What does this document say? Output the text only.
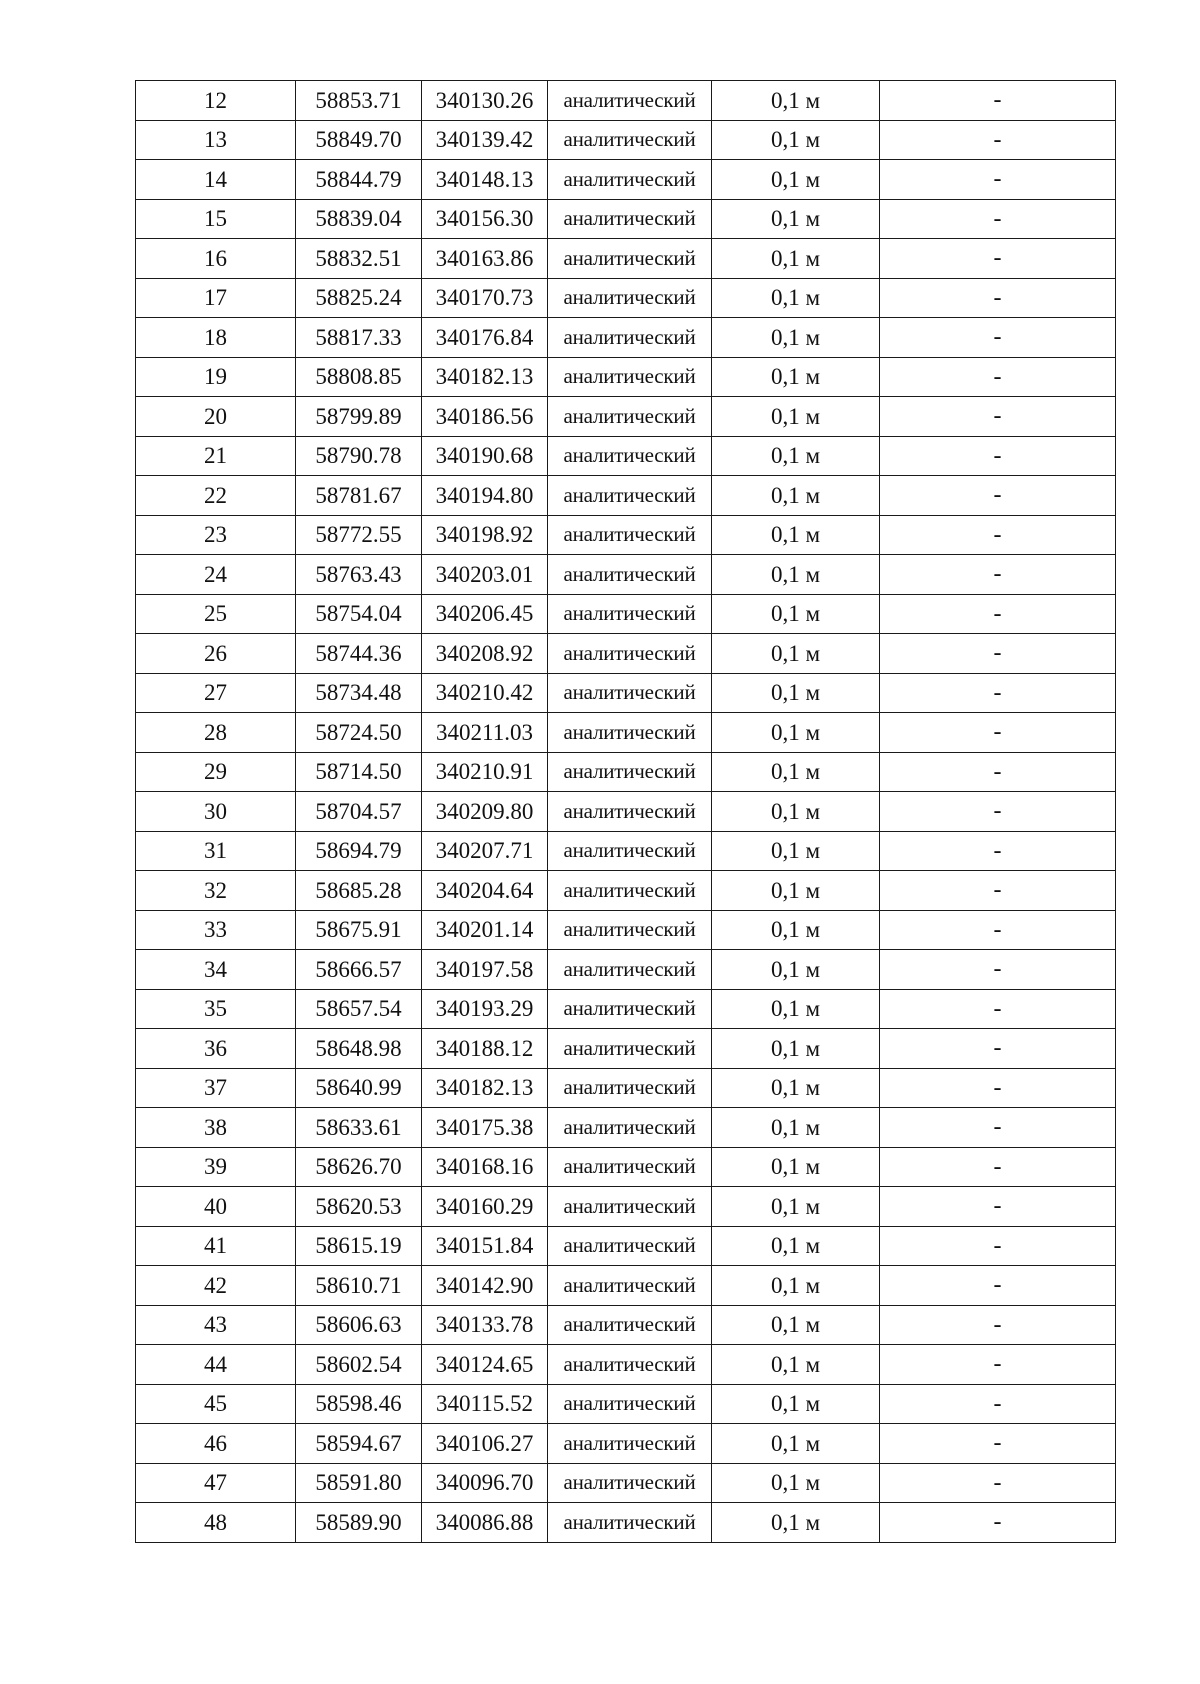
12	58853.71	340130.26	аналитический	0,1 м	-
13	58849.70	340139.42	аналитический	0,1 м	-
14	58844.79	340148.13	аналитический	0,1 м	-
15	58839.04	340156.30	аналитический	0,1 м	-
16	58832.51	340163.86	аналитический	0,1 м	-
17	58825.24	340170.73	аналитический	0,1 м	-
18	58817.33	340176.84	аналитический	0,1 м	-
19	58808.85	340182.13	аналитический	0,1 м	-
20	58799.89	340186.56	аналитический	0,1 м	-
21	58790.78	340190.68	аналитический	0,1 м	-
22	58781.67	340194.80	аналитический	0,1 м	-
23	58772.55	340198.92	аналитический	0,1 м	-
24	58763.43	340203.01	аналитический	0,1 м	-
25	58754.04	340206.45	аналитический	0,1 м	-
26	58744.36	340208.92	аналитический	0,1 м	-
27	58734.48	340210.42	аналитический	0,1 м	-
28	58724.50	340211.03	аналитический	0,1 м	-
29	58714.50	340210.91	аналитический	0,1 м	-
30	58704.57	340209.80	аналитический	0,1 м	-
31	58694.79	340207.71	аналитический	0,1 м	-
32	58685.28	340204.64	аналитический	0,1 м	-
33	58675.91	340201.14	аналитический	0,1 м	-
34	58666.57	340197.58	аналитический	0,1 м	-
35	58657.54	340193.29	аналитический	0,1 м	-
36	58648.98	340188.12	аналитический	0,1 м	-
37	58640.99	340182.13	аналитический	0,1 м	-
38	58633.61	340175.38	аналитический	0,1 м	-
39	58626.70	340168.16	аналитический	0,1 м	-
40	58620.53	340160.29	аналитический	0,1 м	-
41	58615.19	340151.84	аналитический	0,1 м	-
42	58610.71	340142.90	аналитический	0,1 м	-
43	58606.63	340133.78	аналитический	0,1 м	-
44	58602.54	340124.65	аналитический	0,1 м	-
45	58598.46	340115.52	аналитический	0,1 м	-
46	58594.67	340106.27	аналитический	0,1 м	-
47	58591.80	340096.70	аналитический	0,1 м	-
48	58589.90	340086.88	аналитический	0,1 м	-
